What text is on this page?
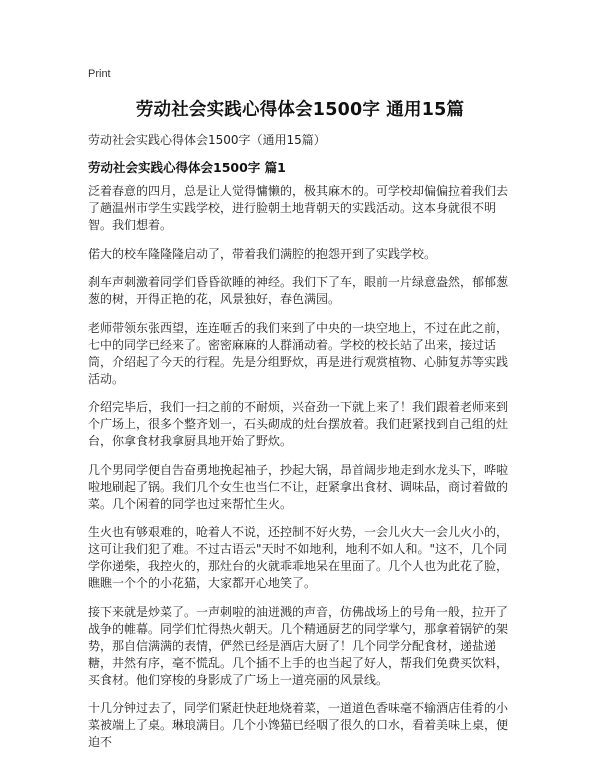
Print
劳动社会实践心得体会1500字 通用15篇
劳动社会实践心得体会1500字（通用15篇）
劳动社会实践心得体会1500字 篇1

泛着春意的四月，总是让人觉得慵懒的，极其麻木的。可学校却偏偏拉着我们去了趟温州市学生实践学校，进行脸朝土地背朝天的实践活动。这本身就很不明智。我们想着。

偌大的校车隆隆隆启动了，带着我们满腔的抱怨开到了实践学校。

刹车声刺激着同学们昏昏欲睡的神经。我们下了车，眼前一片绿意盎然，郁郁葱葱的树，开得正艳的花，风景独好，春色满园。

老师带领东张西望，连连咂舌的我们来到了中央的一块空地上，不过在此之前，七中的同学已经来了。密密麻麻的人群涌动着。学校的校长站了出来，接过话筒，介绍起了今天的行程。先是分组野炊，再是进行观赏植物、心肺复苏等实践活动。

介绍完毕后，我们一扫之前的不耐烦，兴奋劲一下就上来了！我们跟着老师来到个广场上，很多个整齐划一，石头砌成的灶台摆放着。我们赶紧找到自己组的灶台，你拿食材我拿厨具地开始了野炊。

几个男同学便自告奋勇地挽起袖子，抄起大锅，昂首阔步地走到水龙头下，哗啦啦地刷起了锅。我们几个女生也当仁不让，赶紧拿出食材、调味品，商讨着做的菜。几个闲着的同学也过来帮忙生火。

生火也有够艰难的，呛着人不说，还控制不好火势，一会儿火大一会儿火小的，这可让我们犯了难。不过古语云"天时不如地利，地利不如人和。"这不，几个同学你递柴，我控火的，那灶台的火就乖乖地呆在里面了。几个人也为此花了脸，瞧瞧一个个的小花猫，大家都开心地笑了。

接下来就是炒菜了。一声刺啦的油迸溅的声音，仿佛战场上的号角一般，拉开了战争的帷幕。同学们忙得热火朝天。几个精通厨艺的同学掌勺，那拿着锅铲的架势，那自信满满的表情，俨然已经是酒店大厨了！几个同学分配食材，递盐递糖，井然有序，毫不慌乱。几个插不上手的也当起了好人，帮我们免费买饮料，买食材。他们穿梭的身影成了广场上一道亮丽的风景线。

十几分钟过去了，同学们紧赶快赶地烧着菜，一道道色香味毫不输酒店佳肴的小菜被端上了桌。琳琅满目。几个小馋猫已经咽了很久的口水，看着美味上桌，便迫不
